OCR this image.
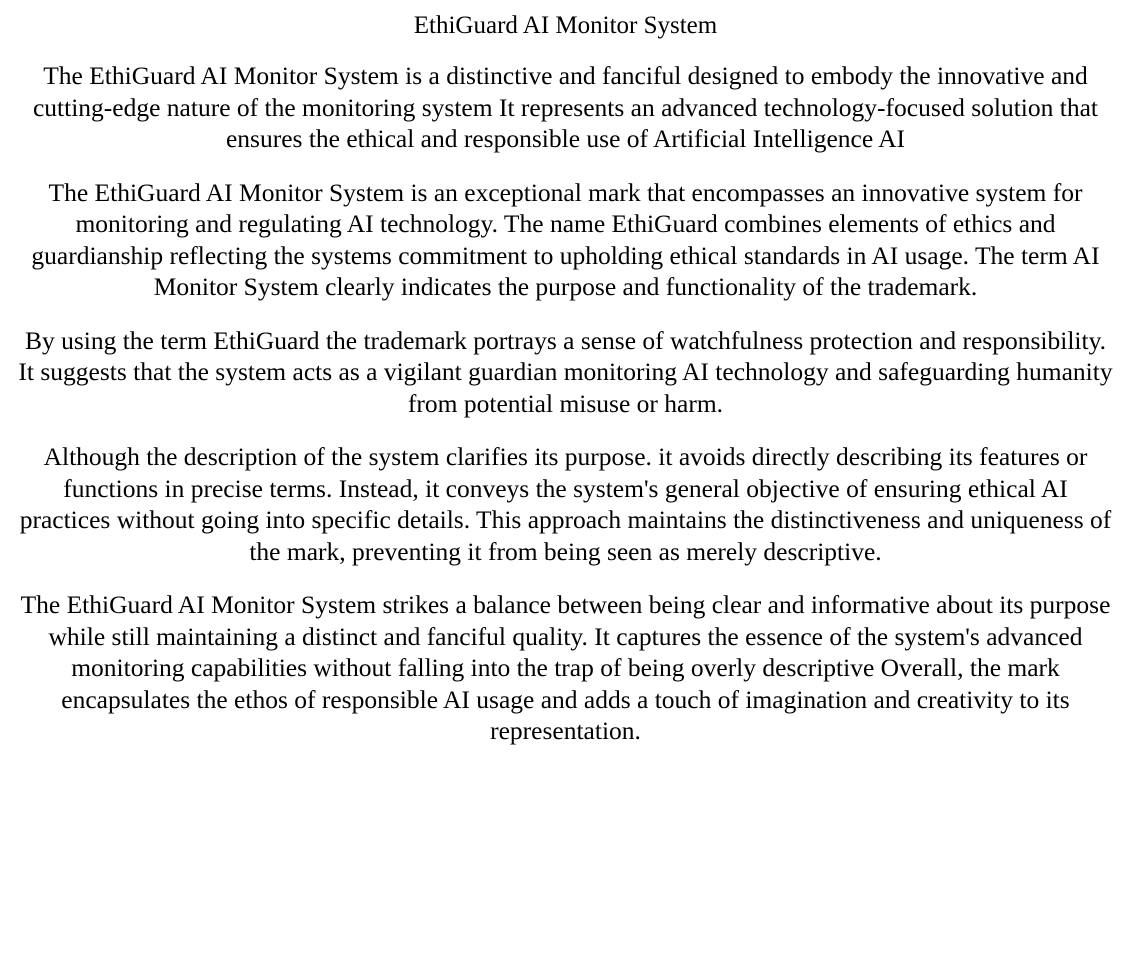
EthiGuard AI Monitor System

The EthiGuard AI Monitor System is a distinctive and fanciful designed to embody the innovative and cutting-edge nature of the monitoring system It represents an advanced technology-focused solution that ensures the ethical and responsible use of Artificial Intelligence AI

The EthiGuard AI Monitor System is an exceptional mark that encompasses an innovative system for monitoring and regulating AI technology. The name EthiGuard combines elements of ethics and guardianship reflecting the systems commitment to upholding ethical standards in AI usage. The term AI Monitor System clearly indicates the purpose and functionality of the trademark.

By using the term EthiGuard the trademark portrays a sense of watchfulness protection and responsibility. It suggests that the system acts as a vigilant guardian monitoring AI technology and safeguarding humanity from potential misuse or harm.

Although the description of the system clarifies its purpose. it avoids directly describing its features or functions in precise terms. Instead, it conveys the system's general objective of ensuring ethical AI practices without going into specific details. This approach maintains the distinctiveness and uniqueness of the mark, preventing it from being seen as merely descriptive.

The EthiGuard AI Monitor System strikes a balance between being clear and informative about its purpose while still maintaining a distinct and fanciful quality. It captures the essence of the system's advanced monitoring capabilities without falling into the trap of being overly descriptive Overall, the mark encapsulates the ethos of responsible AI usage and adds a touch of imagination and creativity to its representation.
